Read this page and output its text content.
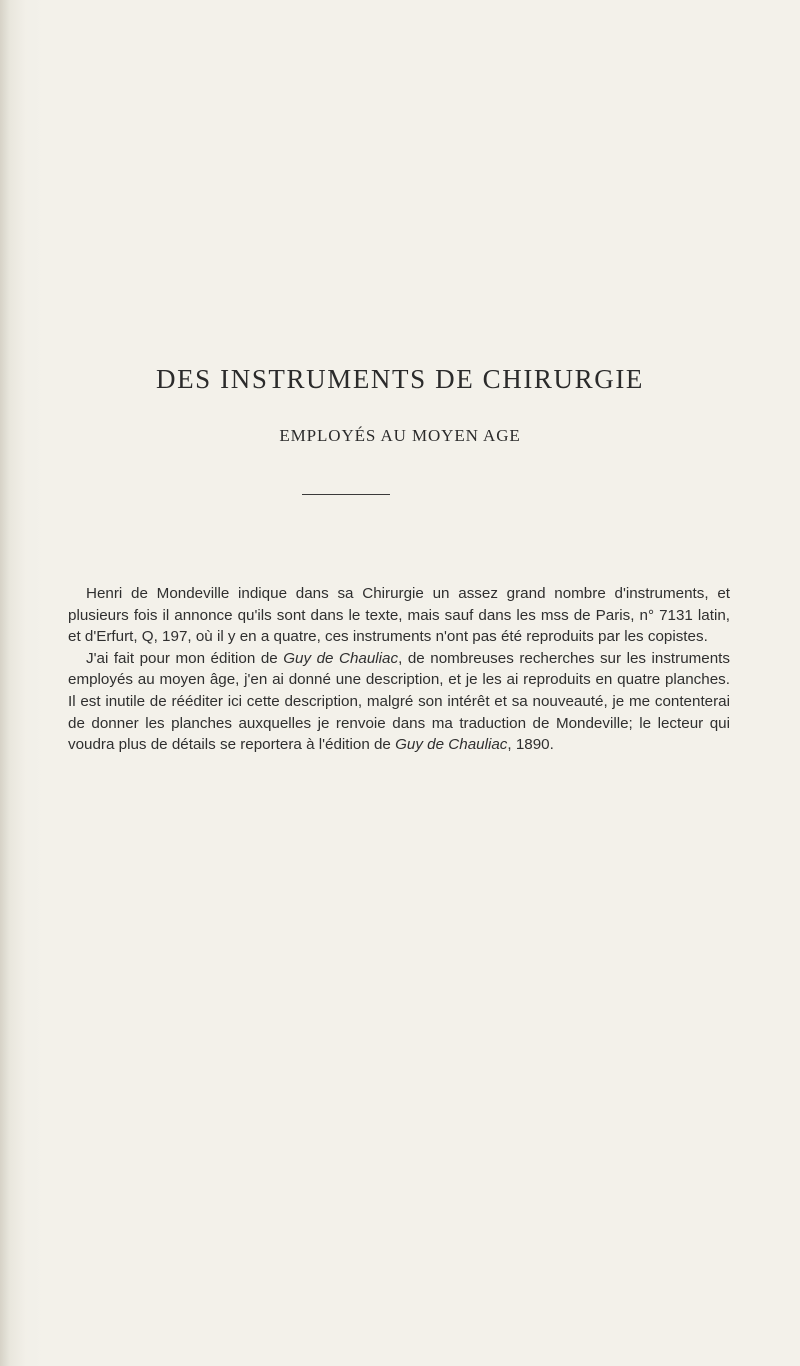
DES INSTRUMENTS DE CHIRURGIE
EMPLOYÉS AU MOYEN AGE

Henri de Mondeville indique dans sa Chirurgie un assez grand nombre d'instruments, et plusieurs fois il annonce qu'ils sont dans le texte, mais sauf dans les mss de Paris, n° 7131 latin, et d'Erfurt, Q, 197, où il y en a quatre, ces instruments n'ont pas été reproduits par les copistes.

J'ai fait pour mon édition de Guy de Chauliac, de nombreuses recherches sur les instruments employés au moyen âge, j'en ai donné une description, et je les ai reproduits en quatre planches. Il est inutile de rééditer ici cette description, malgré son intérêt et sa nouveauté, je me contenterai de donner les planches auxquelles je renvoie dans ma traduction de Mondeville; le lecteur qui voudra plus de détails se reportera à l'édition de Guy de Chauliac, 1890.
